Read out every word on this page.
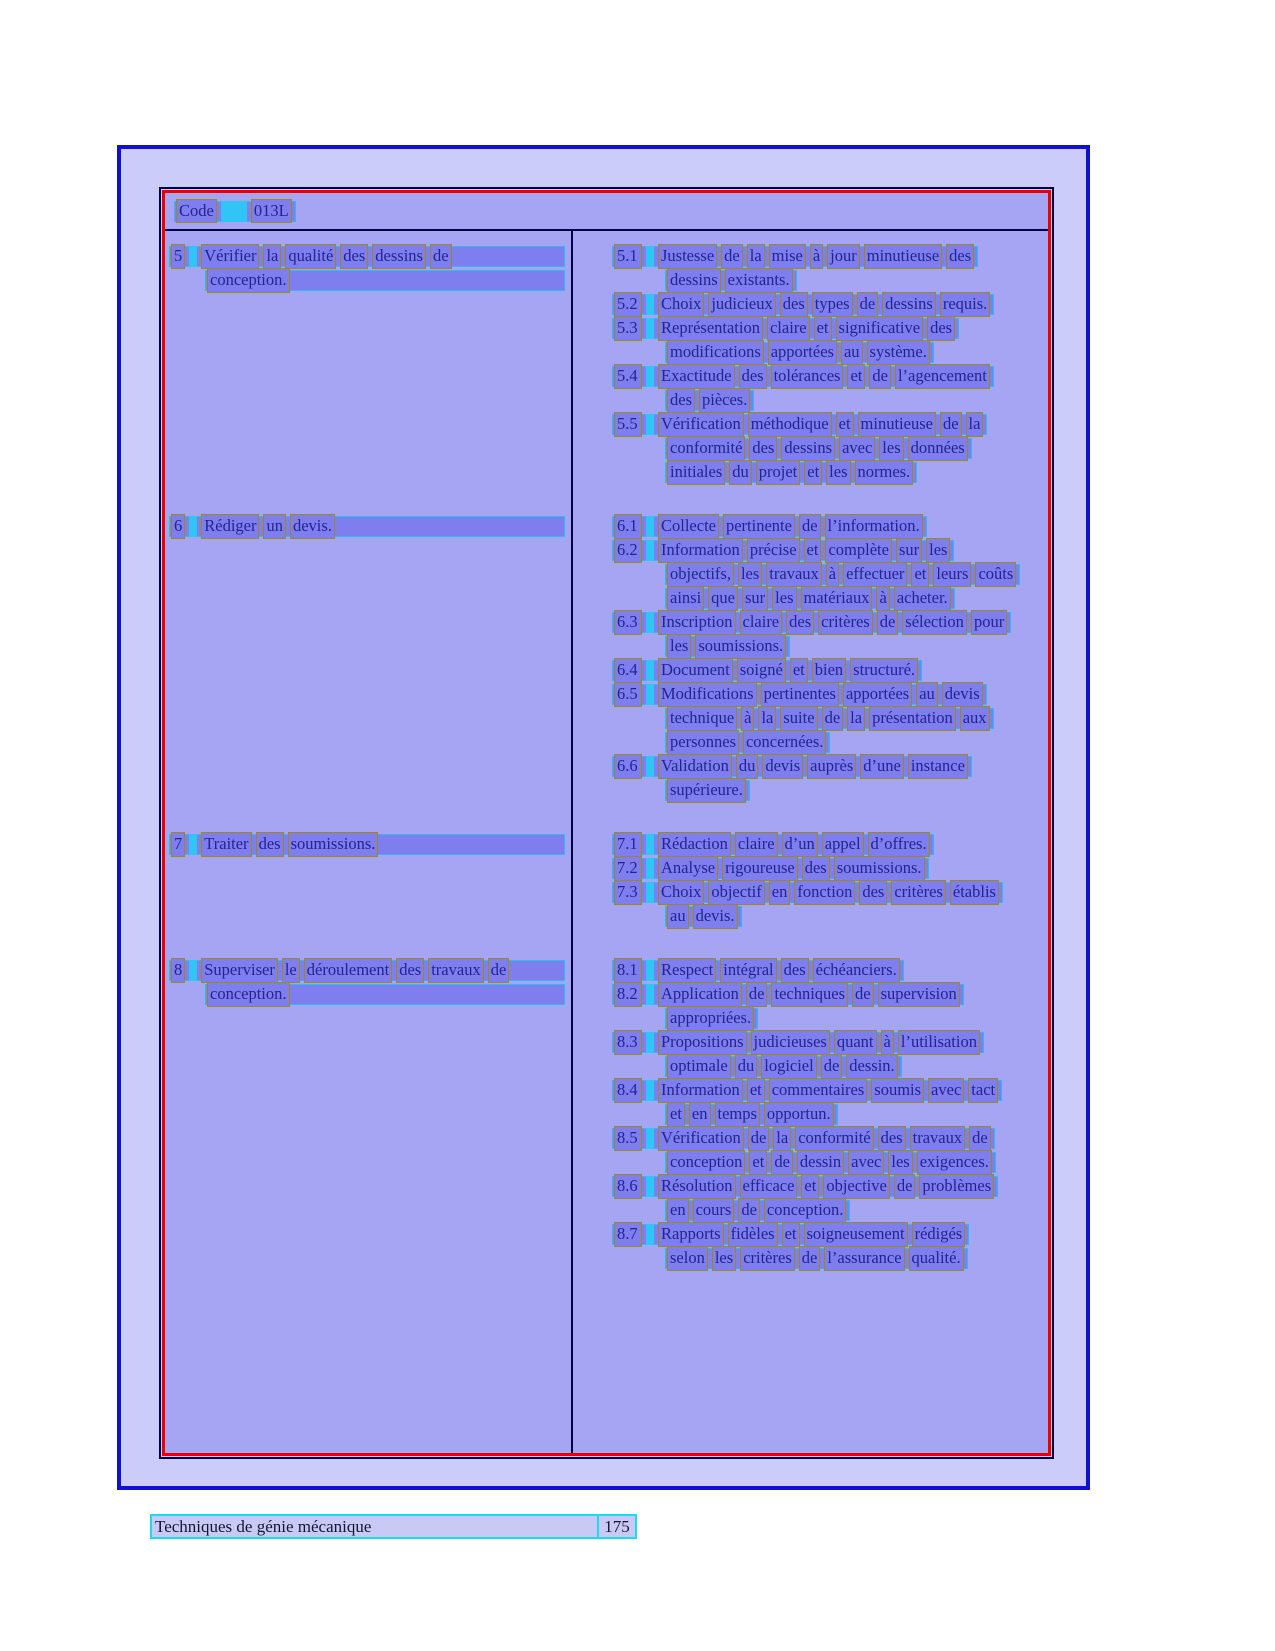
Code 013L
5 Vérifier la qualité des dessins de
conception.
5.1 Justesse de la mise à jour minutieuse des
dessins existants.
5.2 Choix judicieux des types de dessins requis.
5.3 Représentation claire et significative des
modifications apportées au système.
5.4 Exactitude des tolérances et de l’agencement
des pièces.
5.5 Vérification méthodique et minutieuse de la
conformité des dessins avec les données
initiales du projet et les normes.
6 Rédiger un devis.	6.1 Collecte pertinente de l’information.
6.2 Information précise et complète sur les
objectifs, les travaux à effectuer et leurs coûts
ainsi que sur les matériaux à acheter.
6.3 Inscription claire des critères de sélection pour
les soumissions.
6.4 Document soigné et bien structuré.
6.5 Modifications pertinentes apportées au devis
technique à la suite de la présentation aux
personnes concernées.
6.6 Validation du devis auprès d’une instance
supérieure.
7 Traiter des soumissions.	7.1 Rédaction claire d’un appel d’offres.
7.2 Analyse rigoureuse des soumissions.
7.3 Choix objectif en fonction des critères établis
au devis.
8 Superviser le déroulement des travaux de
conception.
8.1 Respect intégral des échéanciers.
8.2 Application de techniques de supervision
appropriées.
8.3 Propositions judicieuses quant à l’utilisation
optimale du logiciel de dessin.
8.4 Information et commentaires soumis avec tact
et en temps opportun.
8.5 Vérification de la conformité des travaux de
conception et de dessin avec les exigences.
8.6 Résolution efficace et objective de problèmes
en cours de conception.
8.7 Rapports fidèles et soigneusement rédigés
selon les critères de l’assurance qualité.
Techniques de génie mécanique	175
